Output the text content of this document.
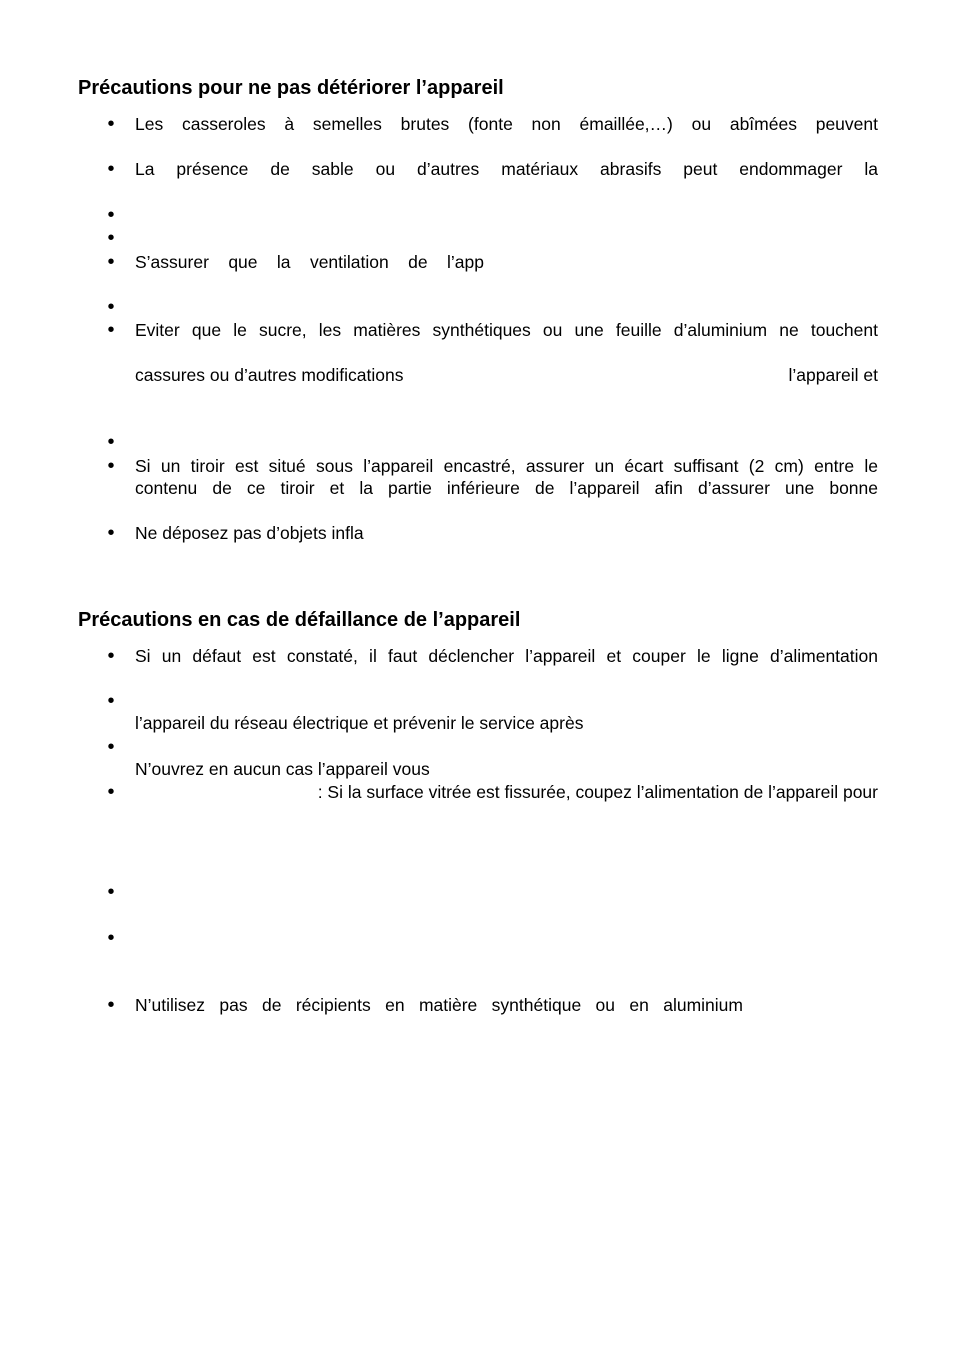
Précautions pour ne pas détériorer l’appareil
• Les casseroles à semelles brutes (fonte non émaillée,…) ou abîmées peuvent
• La présence de sable ou d’autres matériaux abrasifs peut endommager la
•
•
• S’assurer que la ventilation de l’app
•
• Eviter que le sucre, les matières synthétiques ou une feuille d’aluminium ne touchent
cassures ou d’autres modifications	l’appareil et
•
• Si un tiroir est situé sous l’appareil encastré, assurer un écart suffisant (2 cm) entre le
contenu de ce tiroir et la partie inférieure de l’appareil afin d’assurer une bonne
• Ne déposez pas d’objets infla
Précautions en cas de défaillance de l’appareil
• Si un défaut est constaté, il faut déclencher l’appareil et couper le ligne d’alimentation
•
l’appareil du réseau électrique et prévenir le service après
•
N’ouvrez en aucun cas l’appareil vous
•	: Si la surface vitrée est fissurée, coupez l’alimentation de l’appareil pour
•
•
• N’utilisez pas de récipients en matière synthétique ou en aluminium
